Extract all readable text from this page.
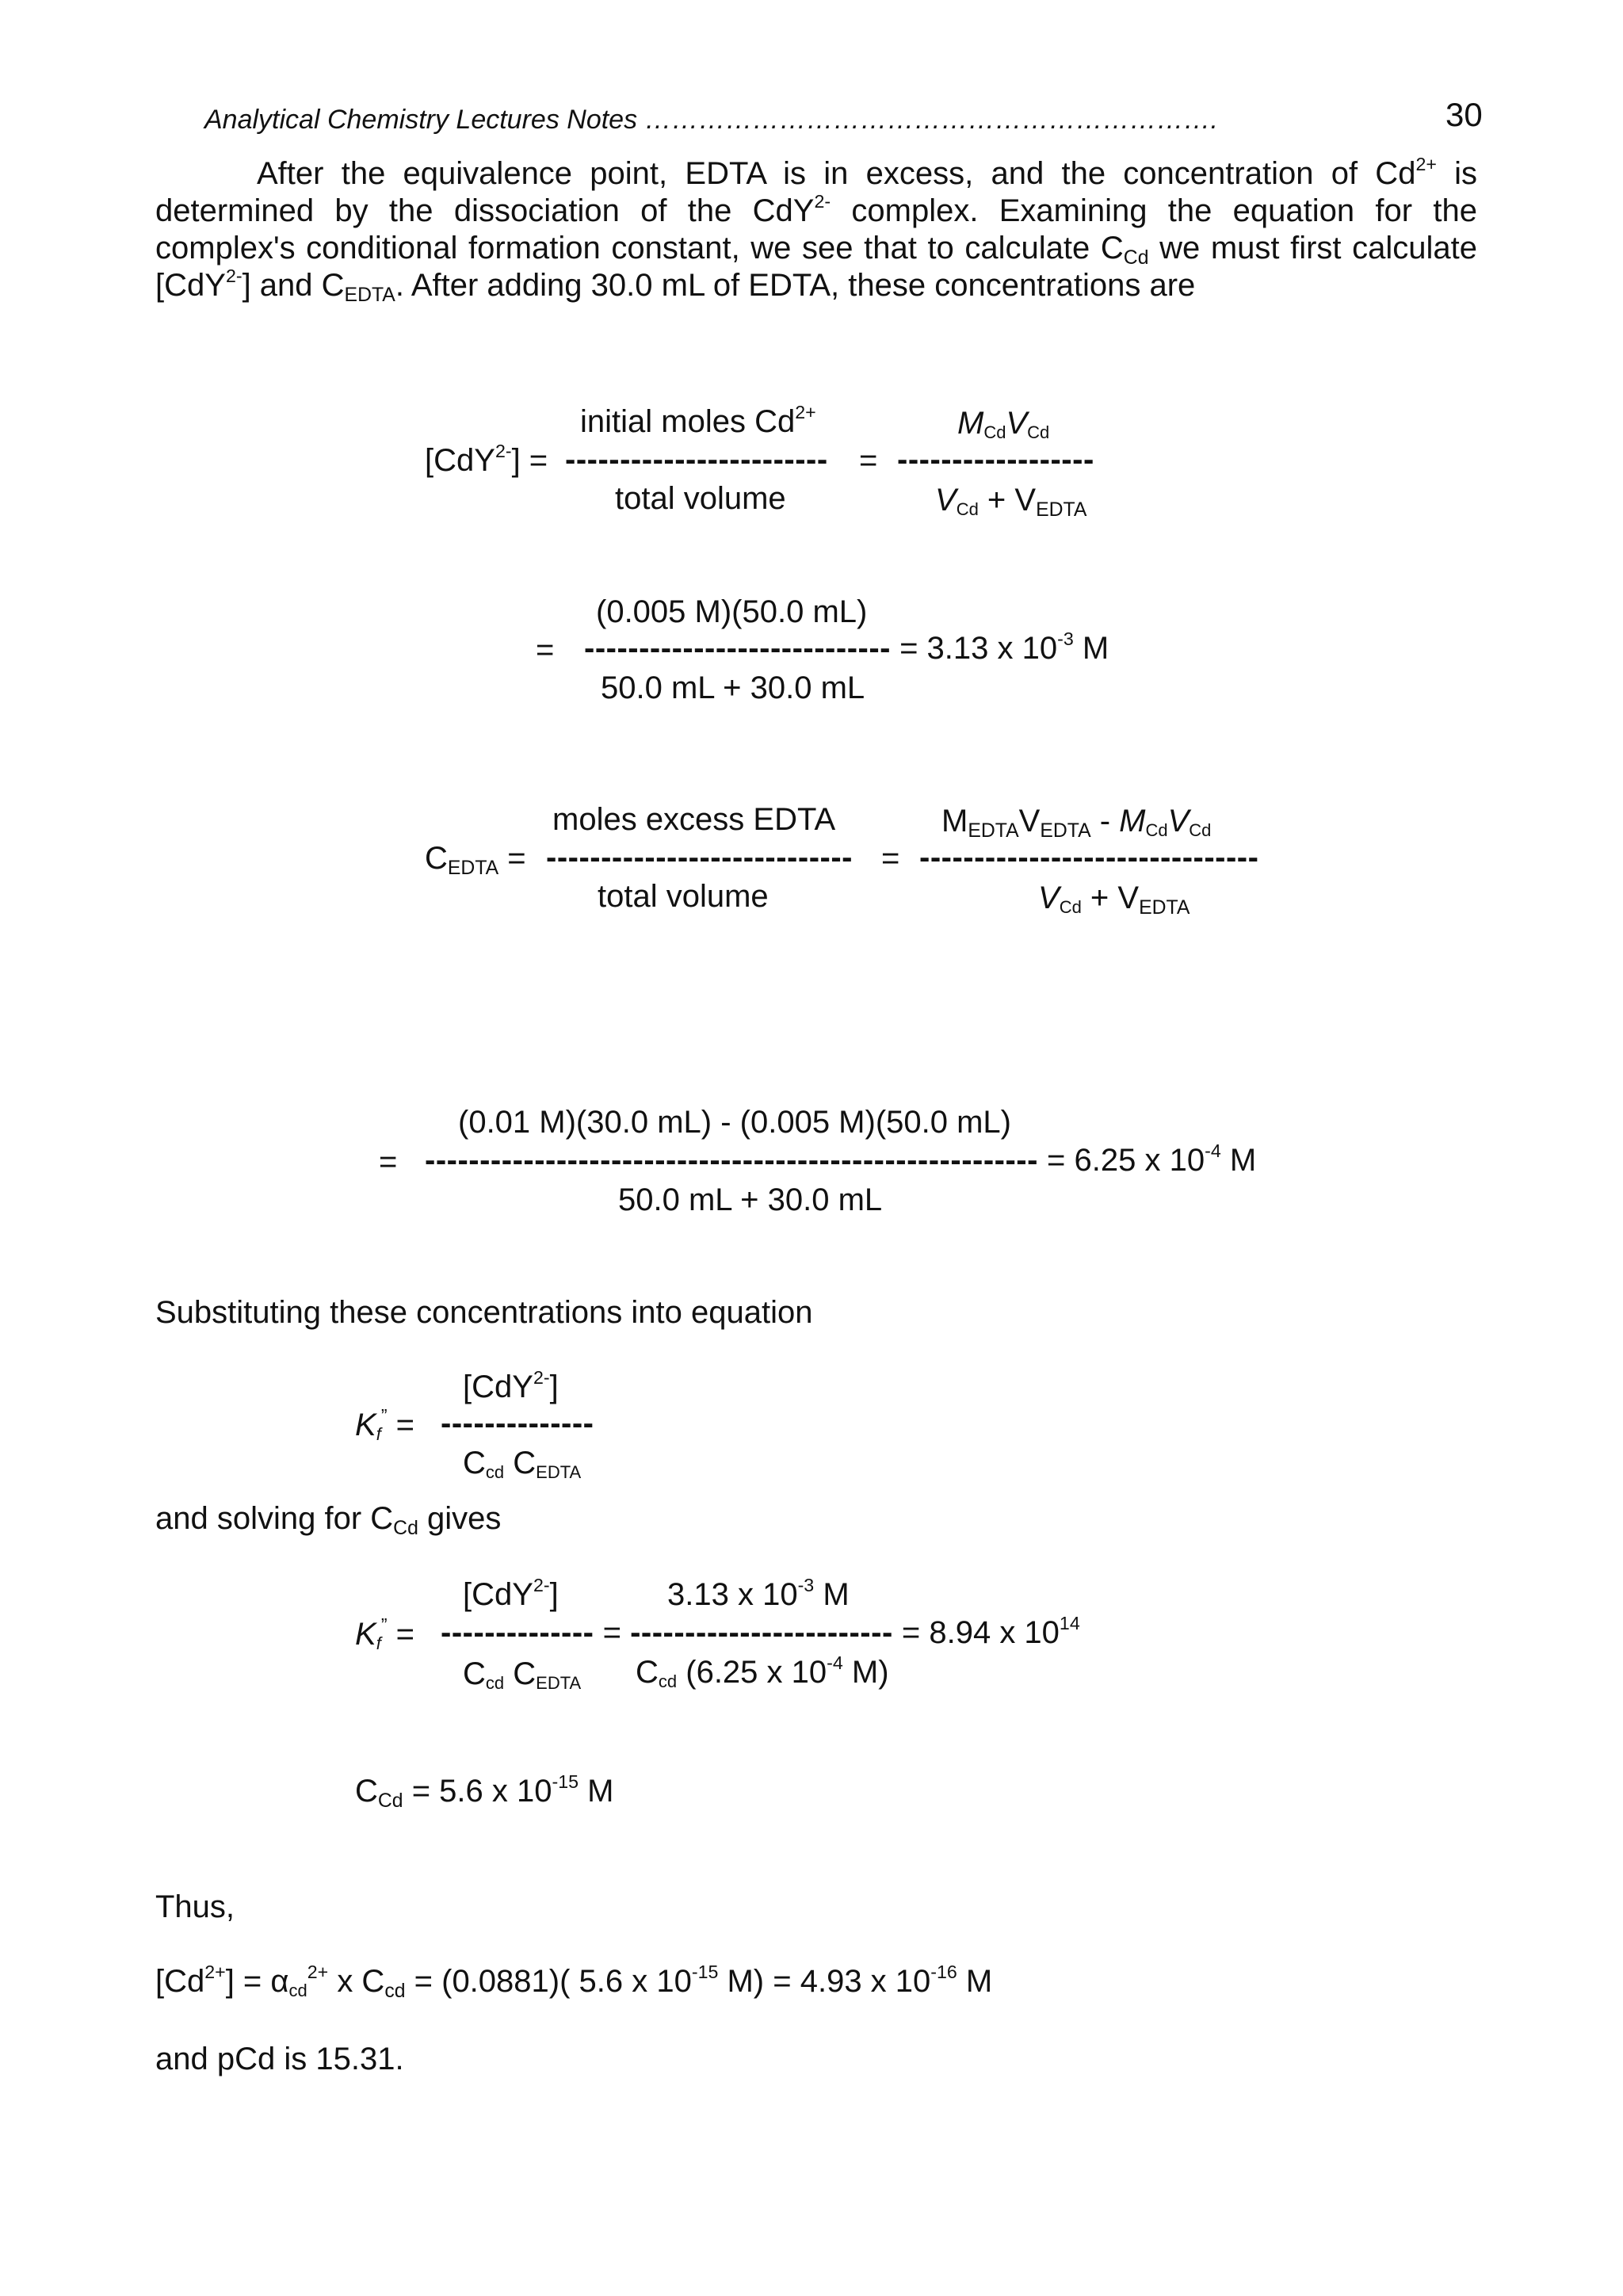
Analytical Chemistry Lectures Notes ……………………………………………………….	30
After the equivalence point, EDTA is in excess, and the concentration of $Cd^{2+}$ is determined by the dissociation of the CdY$^{2-}$ complex. Examining the equation for the complex's conditional formation constant, we see that to calculate $C_{Cd}$ we must first calculate [CdY$^{2-}$] and $C_{EDTA}$. After adding 30.0 mL of EDTA, these concentrations are
initial moles $Cd^{2+}$	$M_{Cd}V_{Cd}$
[CdY$^{2-}$] = ------------------------ = ------------------
total volume	$V_{Cd} + V_{EDTA}$
(0.005 M)(50.0 mL)
= ---------------------------- = 3.13 x $10^{-3}$ M
50.0 mL + 30.0 mL
moles excess EDTA	$M_{EDTA}V_{EDTA} - M_{Cd}V_{Cd}$
$C_{EDTA}$ = ---------------------------- = -------------------------------
total volume	$V_{Cd} + V_{EDTA}$
(0.01 M)(30.0 mL) - (0.005 M)(50.0 mL)
= -------------------------------------------------------- = 6.25 x $10^{-4}$ M
50.0 mL + 30.0 mL
Substituting these concentrations into equation
[CdY$^{2-}$]
$K_f^”$ = --------------
$C_{cd}$ $C_{EDTA}$
and solving for $C_{Cd}$ gives
[CdY$^{2-}$]	3.13 x $10^{-3}$ M
$K_f^”$ = -------------- = ------------------------ = 8.94 x $10^{14}$
$C_{cd}$ $C_{EDTA}$ $C_{cd}$ (6.25 x $10^{-4}$ M)
$C_{Cd} = 5.6$ x $10^{-15}$ M
Thus,
$[Cd^{2+}] = \alpha_{cd}^{2+}$ x $C_{cd} = (0.0881)$( 5.6 x $10^{-15}$ M) = 4.93 x $10^{-16}$ M
and pCd is 15.31.
